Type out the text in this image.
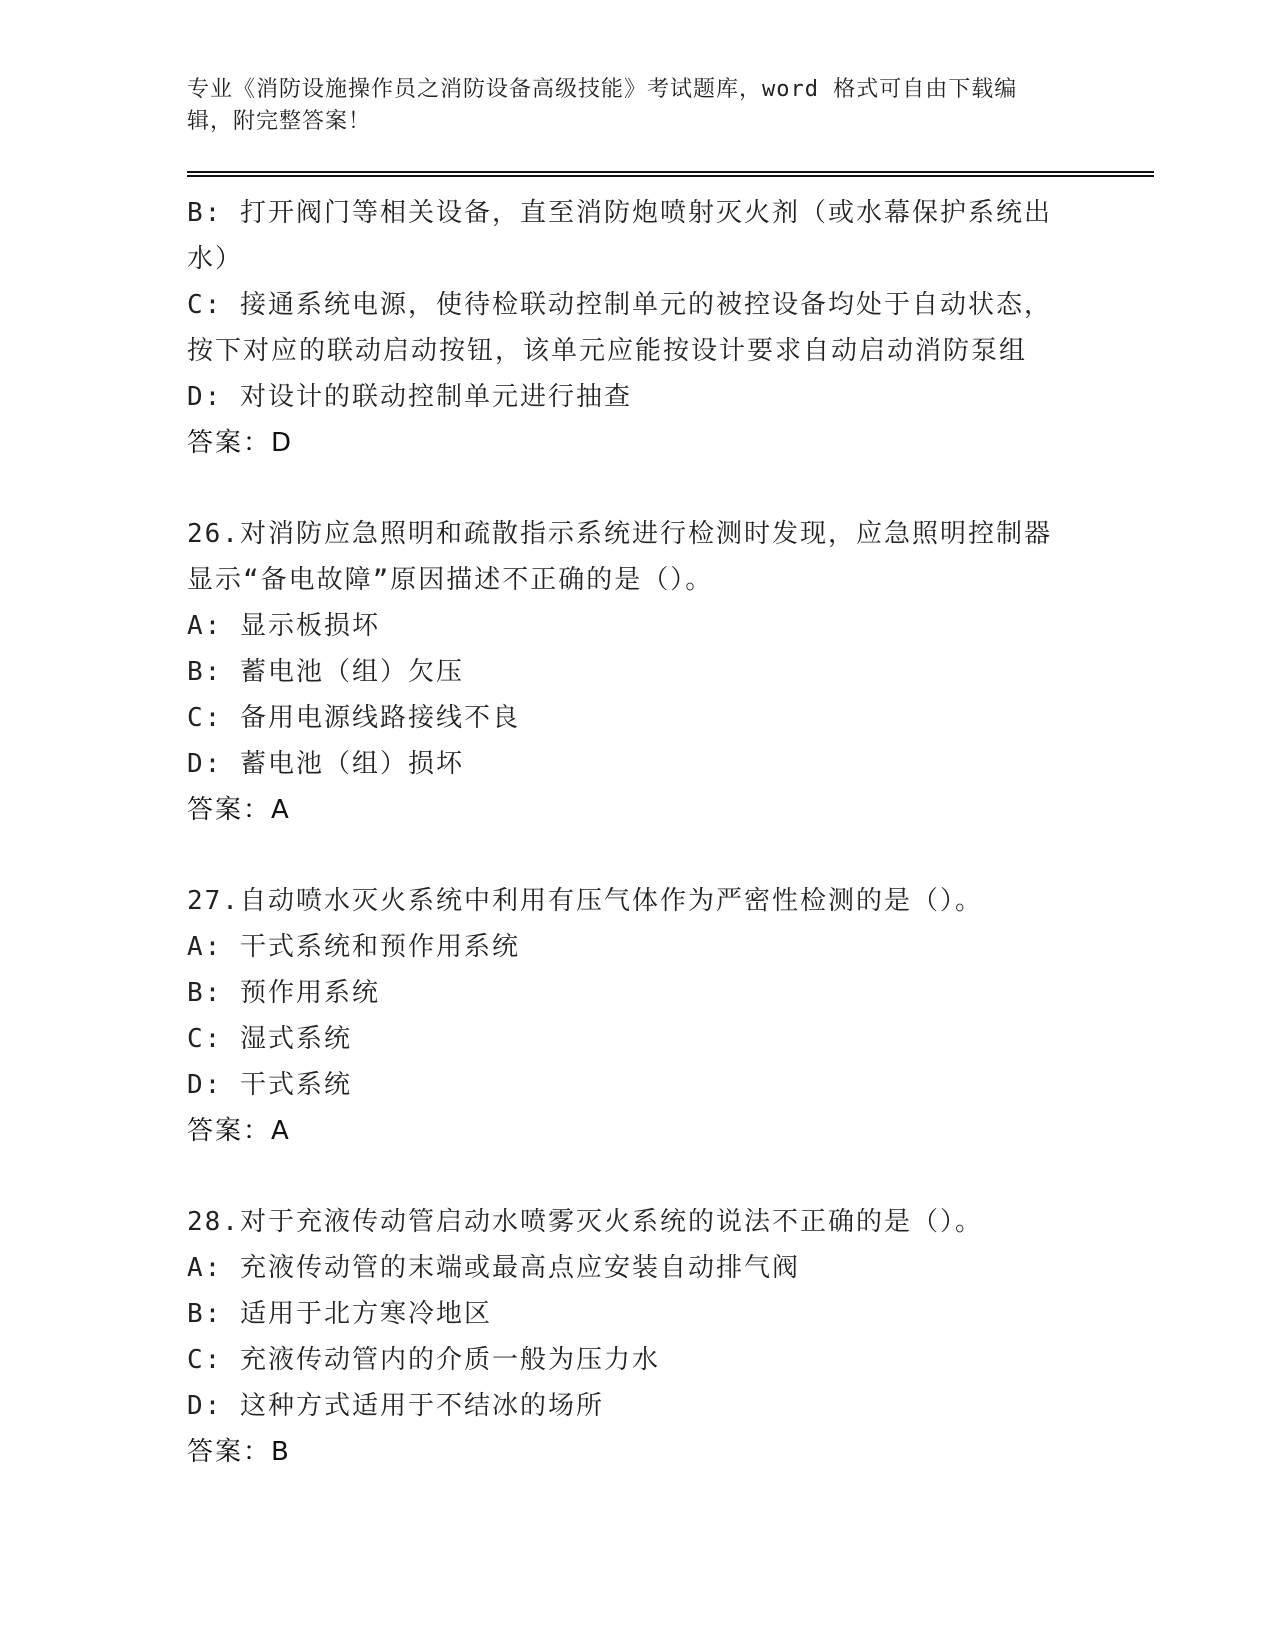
专业《消防设施操作员之消防设备高级技能》考试题库，word 格式可自由下载编
辑，附完整答案！
B: 打开阀门等相关设备，直至消防炮喷射灭火剂（或水幕保护系统出
水）
C: 接通系统电源，使待检联动控制单元的被控设备均处于自动状态，
按下对应的联动启动按钮，该单元应能按设计要求自动启动消防泵组
D: 对设计的联动控制单元进行抽查
答案：D
26.对消防应急照明和疏散指示系统进行检测时发现，应急照明控制器
显示“备电故障”原因描述不正确的是（）。
A: 显示板损坏
B: 蓄电池（组）欠压
C: 备用电源线路接线不良
D: 蓄电池（组）损坏
答案：A
27.自动喷水灭火系统中利用有压气体作为严密性检测的是（）。
A: 干式系统和预作用系统
B: 预作用系统
C: 湿式系统
D: 干式系统
答案：A
28.对于充液传动管启动水喷雾灭火系统的说法不正确的是（）。
A: 充液传动管的末端或最高点应安装自动排气阀
B: 适用于北方寒冷地区
C: 充液传动管内的介质一般为压力水
D: 这种方式适用于不结冰的场所
答案：B
